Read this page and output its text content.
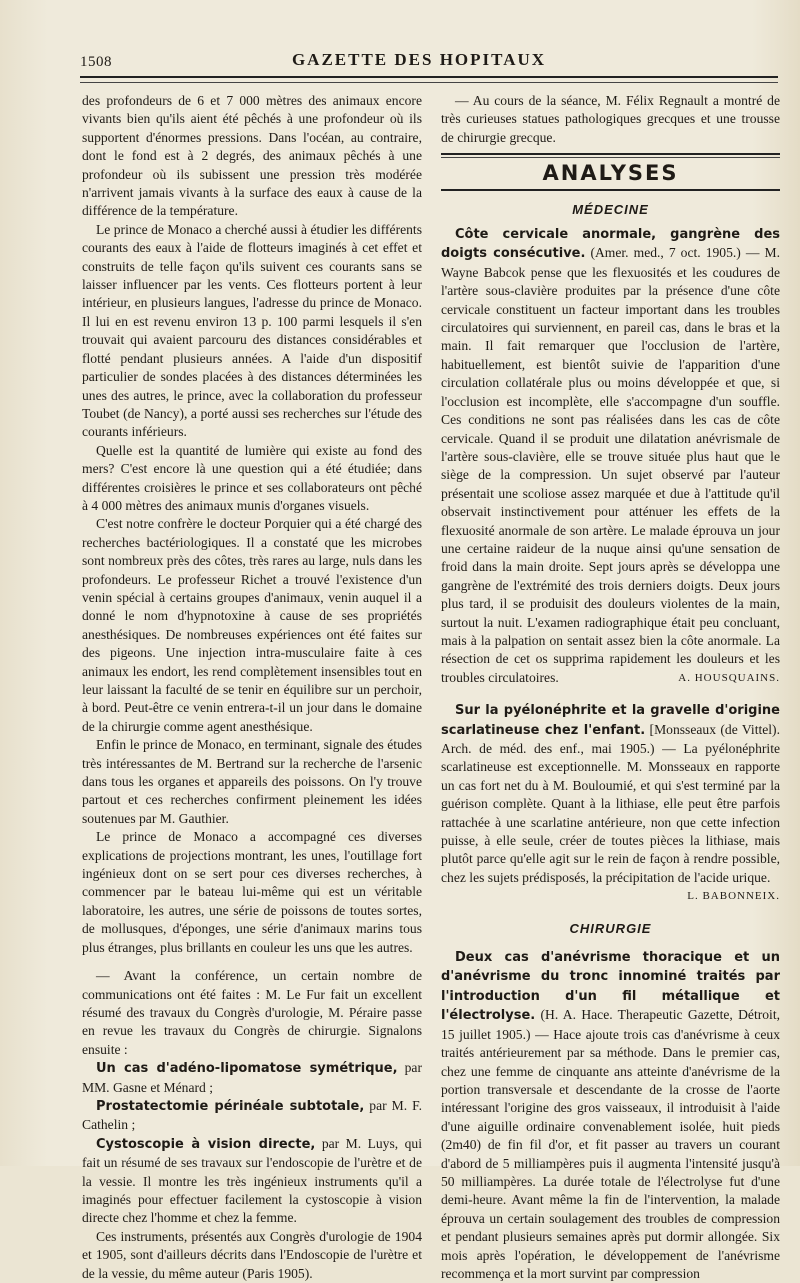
1508	GAZETTE DES HOPITAUX

des profondeurs de 6 et 7 000 mètres des animaux encore vivants bien qu'ils aient été pêchés à une profondeur où ils supportent d'énormes pressions. Dans l'océan, au contraire, dont le fond est à 2 degrés, des animaux pêchés à une profondeur où ils subissent une pression très modérée n'arrivent jamais vivants à la surface des eaux à cause de la différence de la température.

Le prince de Monaco a cherché aussi à étudier les différents courants des eaux à l'aide de flotteurs imaginés à cet effet et construits de telle façon qu'ils suivent ces courants sans se laisser influencer par les vents. Ces flotteurs portent à leur intérieur, en plusieurs langues, l'adresse du prince de Monaco. Il lui en est revenu environ 13 p. 100 parmi lesquels il s'en trouvait qui avaient parcouru des distances considérables et flotté pendant plusieurs années. A l'aide d'un dispositif particulier de sondes placées à des distances déterminées les unes des autres, le prince, avec la collaboration du professeur Toubet (de Nancy), a porté aussi ses recherches sur l'étude des courants inférieurs.

Quelle est la quantité de lumière qui existe au fond des mers? C'est encore là une question qui a été étudiée; dans différentes croisières le prince et ses collaborateurs ont pêché à 4 000 mètres des animaux munis d'organes visuels.

C'est notre confrère le docteur Porquier qui a été chargé des recherches bactériologiques. Il a constaté que les microbes sont nombreux près des côtes, très rares au large, nuls dans les profondeurs. Le professeur Richet a trouvé l'existence d'un venin spécial à certains groupes d'animaux, venin auquel il a donné le nom d'hypnotoxine à cause de ses propriétés anesthésiques. De nombreuses expériences ont été faites sur des pigeons. Une injection intra-musculaire faite à ces animaux les endort, les rend complètement insensibles tout en leur laissant la faculté de se tenir en équilibre sur un perchoir, à bord. Peut-être ce venin entrera-t-il un jour dans le domaine de la chirurgie comme agent anesthésique.

Enfin le prince de Monaco, en terminant, signale des études très intéressantes de M. Bertrand sur la recherche de l'arsenic dans tous les organes et appareils des poissons. On l'y trouve partout et ces recherches confirment pleinement les idées soutenues par M. Gauthier.

Le prince de Monaco a accompagné ces diverses explications de projections montrant, les unes, l'outillage fort ingénieux dont on se sert pour ces diverses recherches, à commencer par le bateau lui-même qui est un véritable laboratoire, les autres, une série de poissons de toutes sortes, de mollusques, d'éponges, une série d'animaux marins tous plus étranges, plus brillants en couleur les uns que les autres.

— Avant la conférence, un certain nombre de communications ont été faites : M. Le Fur fait un excellent résumé des travaux du Congrès d'urologie, M. Péraire passe en revue les travaux du Congrès de chirurgie. Signalons ensuite :

Un cas d'adéno-lipomatose symétrique, par MM. Gasne et Ménard ;

Prostatectomie périnéale subtotale, par M. F. Cathelin ;

Cystoscopie à vision directe, par M. Luys, qui fait un résumé de ses travaux sur l'endoscopie de l'urètre et de la vessie. Il montre les très ingénieux instruments qu'il a imaginés pour effectuer facilement la cystoscopie à vision directe chez l'homme et chez la femme.

Ces instruments, présentés aux Congrès d'urologie de 1904 et 1905, sont d'ailleurs décrits dans l'Endoscopie de l'urètre et de la vessie, du même auteur (Paris 1905).

— Au cours de la séance, M. Félix Regnault a montré de très curieuses statues pathologiques grecques et une trousse de chirurgie grecque.

ANALYSES
MÉDECINE

Côte cervicale anormale, gangrène des doigts consécutive. (Amer. med., 7 oct. 1905.) — M. Wayne Babcok pense que les flexuosités et les coudures de l'artère sous-clavière produites par la présence d'une côte cervicale constituent un facteur important dans les troubles circulatoires qui surviennent, en pareil cas, dans le bras et la main. Il fait remarquer que l'occlusion de l'artère, habituellement, est bientôt suivie de l'apparition d'une circulation collatérale plus ou moins développée et que, si l'occlusion est incomplète, elle s'accompagne d'un souffle. Ces conditions ne sont pas réalisées dans les cas de côte cervicale. Quand il se produit une dilatation anévrismale de l'artère sous-clavière, elle se trouve située plus haut que le siège de la compression. Un sujet observé par l'auteur présentait une scoliose assez marquée et due à l'attitude qu'il observait instinctivement pour atténuer les effets de la flexuosité anormale de son artère. Le malade éprouva un jour une certaine raideur de la nuque ainsi qu'une sensation de froid dans la main droite. Sept jours après se développa une gangrène de l'extrémité des trois derniers doigts. Deux jours plus tard, il se produisit des douleurs violentes de la main, surtout la nuit. L'examen radiographique était peu concluant, mais à la palpation on sentait assez bien la côte anormale. La résection de cet os supprima rapidement les douleurs et les troubles circulatoires.	A. HOUSQUAINS.

Sur la pyélonéphrite et la gravelle d'origine scarlatineuse chez l'enfant. [Monsseaux (de Vittel). Arch. de méd. des enf., mai 1905.) — La pyélonéphrite scarlatineuse est exceptionnelle. M. Monsseaux en rapporte un cas fort net du à M. Bouloumié, et qui s'est terminé par la guérison complète. Quant à la lithiase, elle peut être parfois rattachée à une scarlatine antérieure, non que cette infection puisse, à elle seule, créer de toutes pièces la lithiase, mais plutôt parce qu'elle agit sur le rein de façon à rendre possible, chez les sujets prédisposés, la précipitation de l'acide urique.
L. BABONNEIX.

CHIRURGIE

Deux cas d'anévrisme thoracique et un d'anévrisme du tronc innominé traités par l'introduction d'un fil métallique et l'électrolyse. (H. A. Hace. Therapeutic Gazette, Détroit, 15 juillet 1905.) — Hace ajoute trois cas d'anévrisme à ceux traités antérieurement par sa méthode. Dans le premier cas, chez une femme de cinquante ans atteinte d'anévrisme de la portion transversale et descendante de la crosse de l'aorte intéressant l'origine des gros vaisseaux, il introduisit à l'aide d'une aiguille ordinaire convenablement isolée, huit pieds (2m40) de fin fil d'or, et fit passer au travers un courant d'abord de 5 milliampères puis il augmenta l'intensité jusqu'à 50 milliampères. La durée totale de l'électrolyse fut d'une demi-heure. Avant même la fin de l'intervention, la malade éprouva un certain soulagement des troubles de compression et pendant plusieurs semaines après put dormir allongée. Six mois après l'opération, le développement de l'anévrisme recommença et la mort survint par compression
